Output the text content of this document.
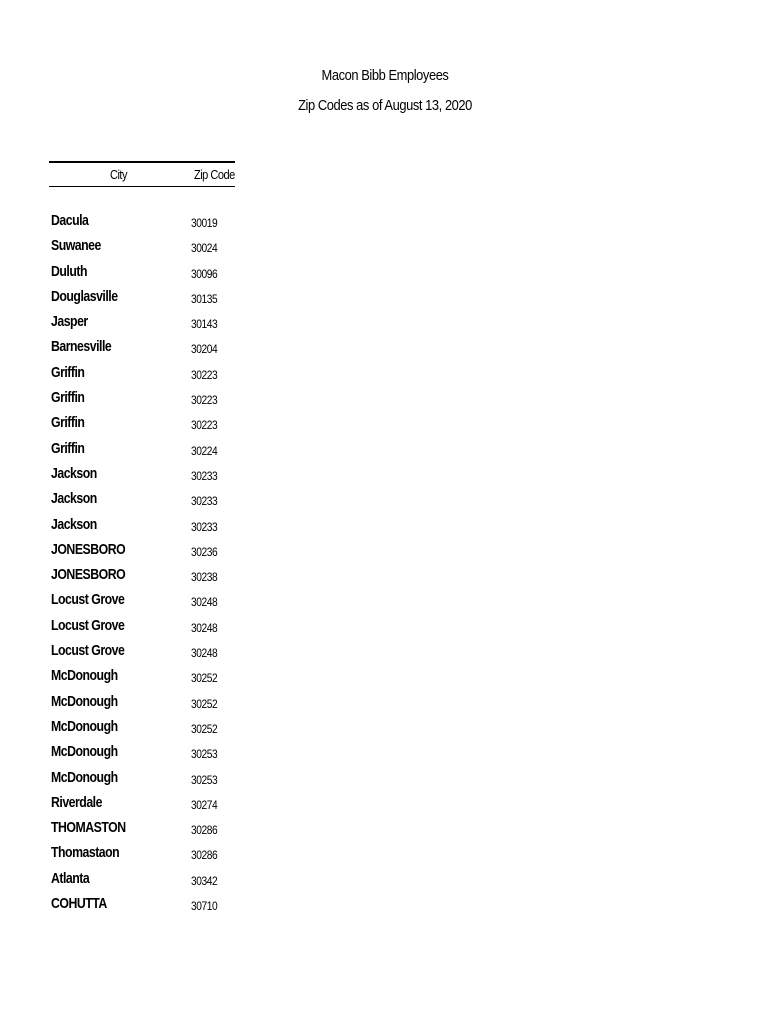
Macon Bibb Employees
Zip Codes as of August 13, 2020
City	Zip Code
Dacula	30019
Suwanee	30024
Duluth	30096
Douglasville	30135
Jasper	30143
Barnesville	30204
Griffin	30223
Griffin	30223
Griffin	30223
Griffin	30224
Jackson	30233
Jackson	30233
Jackson	30233
JONESBORO	30236
JONESBORO	30238
Locust Grove	30248
Locust Grove	30248
Locust Grove	30248
McDonough	30252
McDonough	30252
McDonough	30252
McDonough	30253
McDonough	30253
Riverdale	30274
THOMASTON	30286
Thomastaon	30286
Atlanta	30342
COHUTTA	30710
